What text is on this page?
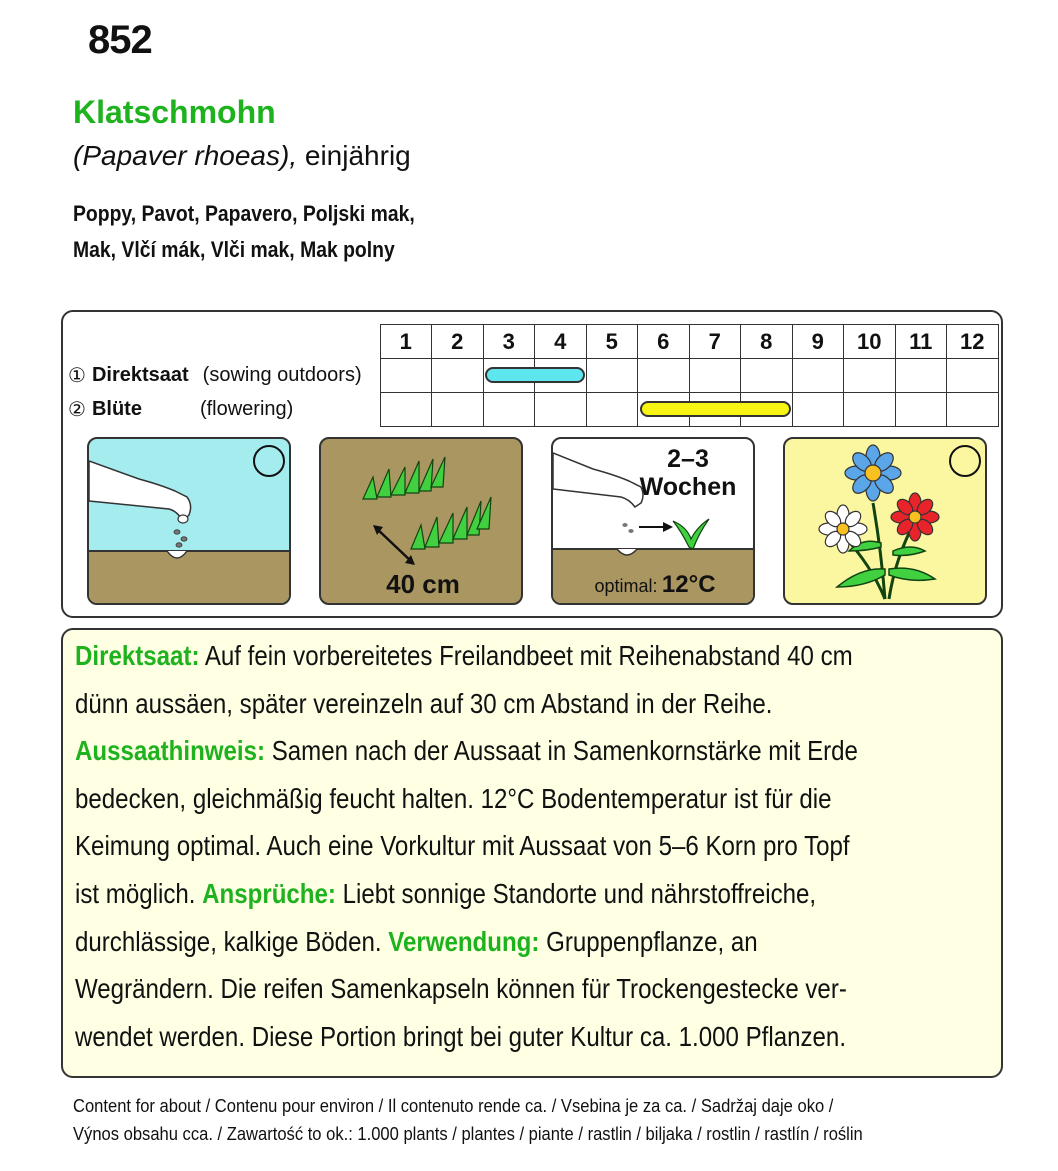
852
Klatschmohn
(Papaver rhoeas), einjährig
Poppy, Pavot, Papavero, Poljski mak,
Mak, Vlčí mák, Vlči mak, Mak polny
	1	2	3	4	5	6	7	8	9	10	11	12

① Direktsaat (sowing outdoors)												

② Blüte (flowering)												

40 cm
2–3
Wochen
optimal: 12°C
Direktsaat: Auf fein vorbereitetes Freilandbeet mit Reihenabstand 40 cm
dünn aussäen, später vereinzeln auf 30 cm Abstand in der Reihe.
Aussaathinweis: Samen nach der Aussaat in Samenkornstärke mit Erde
bedecken, gleichmäßig feucht halten. 12°C Bodentemperatur ist für die
Keimung optimal. Auch eine Vorkultur mit Aussaat von 5–6 Korn pro Topf
ist möglich. Ansprüche: Liebt sonnige Standorte und nährstoffreiche,
durchlässige, kalkige Böden. Verwendung: Gruppenpflanze, an
Wegrändern. Die reifen Samenkapseln können für Trockengestecke ver-
wendet werden. Diese Portion bringt bei guter Kultur ca. 1.000 Pflanzen.
Content for about / Contenu pour environ / Il contenuto rende ca. / Vsebina je za ca. / Sadržaj daje oko /
Výnos obsahu cca. / Zawartość to ok.: 1.000 plants / plantes / piante / rastlin / biljaka / rostlin / rastlín / roślin
